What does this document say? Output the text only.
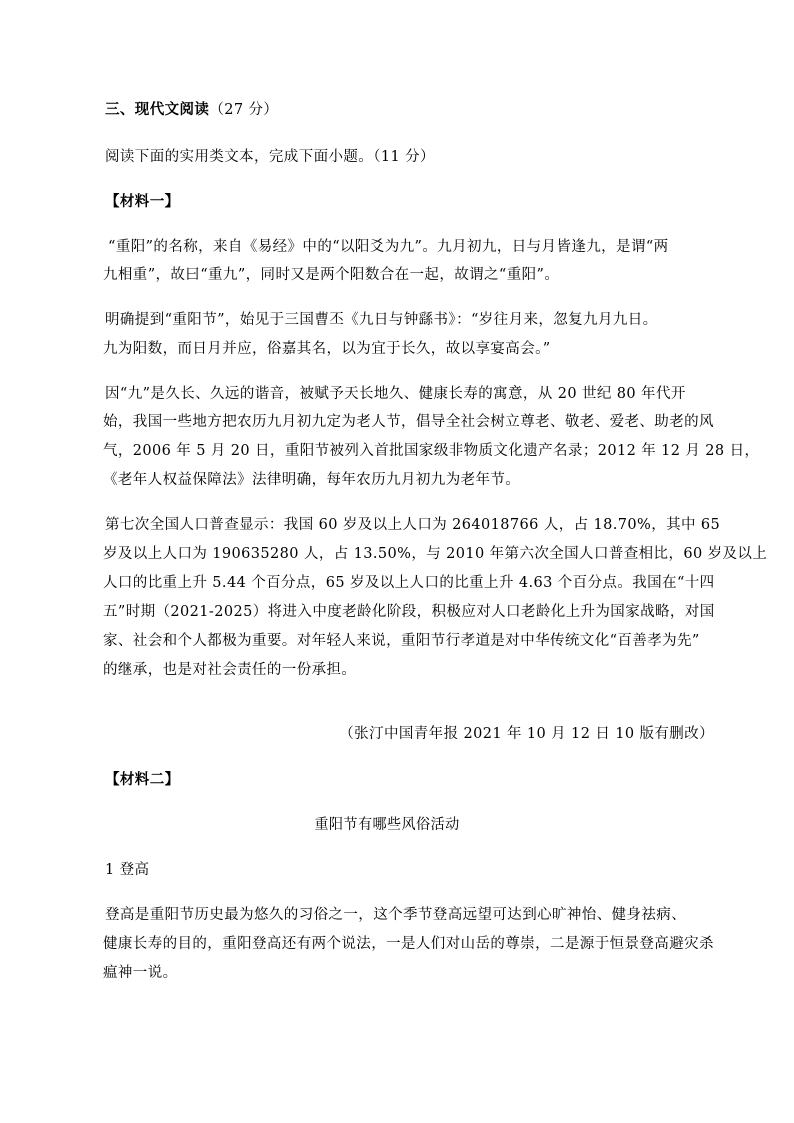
三、现代文阅读（27 分）
阅读下面的实用类文本，完成下面小题。（11 分）
【材料一】
“重阳”的名称，来自《易经》中的“以阳爻为九”。九月初九，日与月皆逢九，是谓“两
九相重”，故曰“重九”，同时又是两个阳数合在一起，故谓之“重阳”。
明确提到“重阳节”，始见于三国曹丕《九日与钟繇书》：“岁往月来，忽复九月九日。
九为阳数，而日月并应，俗嘉其名，以为宜于长久，故以享宴高会。”
因“九”是久长、久远的谐音，被赋予天长地久、健康长寿的寓意，从 20 世纪 80 年代开
始，我国一些地方把农历九月初九定为老人节，倡导全社会树立尊老、敬老、爱老、助老的风
气，2006 年 5 月 20 日，重阳节被列入首批国家级非物质文化遗产名录；2012 年 12 月 28 日，
《老年人权益保障法》法律明确，每年农历九月初九为老年节。
第七次全国人口普查显示：我国 60 岁及以上人口为 264018766 人，占 18.70%，其中 65
岁及以上人口为 190635280 人，占 13.50%，与 2010 年第六次全国人口普查相比，60 岁及以上
人口的比重上升 5.44 个百分点，65 岁及以上人口的比重上升 4.63 个百分点。我国在“十四
五”时期（2021-2025）将进入中度老龄化阶段，积极应对人口老龄化上升为国家战略，对国
家、社会和个人都极为重要。对年轻人来说，重阳节行孝道是对中华传统文化“百善孝为先”
的继承，也是对社会责任的一份承担。
（张汀中国青年报 2021 年 10 月 12 日 10 版有删改）
【材料二】
重阳节有哪些风俗活动
1 登高
登高是重阳节历史最为悠久的习俗之一，这个季节登高远望可达到心旷神怡、健身祛病、
健康长寿的目的，重阳登高还有两个说法，一是人们对山岳的尊崇，二是源于恒景登高避灾杀
瘟神一说。
